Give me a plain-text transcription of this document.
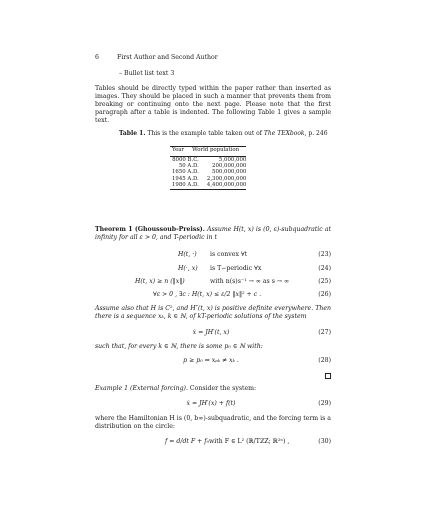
6	First Author and Second Author
– Bullet list text 3
Tables should be directly typed within the paper rather than inserted as images. They should be placed in such a manner that prevents them from breaking or continuing onto the next page. Please note that the first paragraph after a table is indented. The following Table 1 gives a sample text.
Table 1. This is the example table taken out of The TEXbook, p. 246
Year	World population
8000 B.C.	5,000,000
50 A.D.	200,000,000
1650 A.D.	500,000,000
1945 A.D.	2,300,000,000
1980 A.D.	4,400,000,000
Theorem 1 (Ghoussoub-Preiss). Assume H(t, x) is (0, ε)-subquadratic at infinity for all ε > 0, and T-periodic in t
H(t, ·) is convex ∀t	(23)
H(·, x) is T−periodic ∀x	(24)
H(t, x) ≥ n (‖x‖)	with n(s)s⁻¹ → ∞ as s → ∞	(25)
∀ε > 0 , ∃c : H(t, x) ≤ ε/2 ‖x‖² + c .	(26)
Assume also that H is C², and H″(t, x) is positive definite everywhere. Then there is a sequence xₖ, k ∈ ℕ, of kT-periodic solutions of the system
ẋ = JH′(t, x)	(27)
such that, for every k ∈ ℕ, there is some p₀ ∈ ℕ with:
p ≥ p₀ ⇒ xₚₖ ≠ xₖ .	(28)
Example 1 (External forcing). Consider the system:
ẋ = JH′(x) + f(t)	(29)
where the Hamiltonian H is (0, b∞)-subquadratic, and the forcing term is a distribution on the circle:
f = d/dt F + f₀ with F ∈ L² (ℝ/TℤZ; ℝ²ⁿ) ,	(30)
